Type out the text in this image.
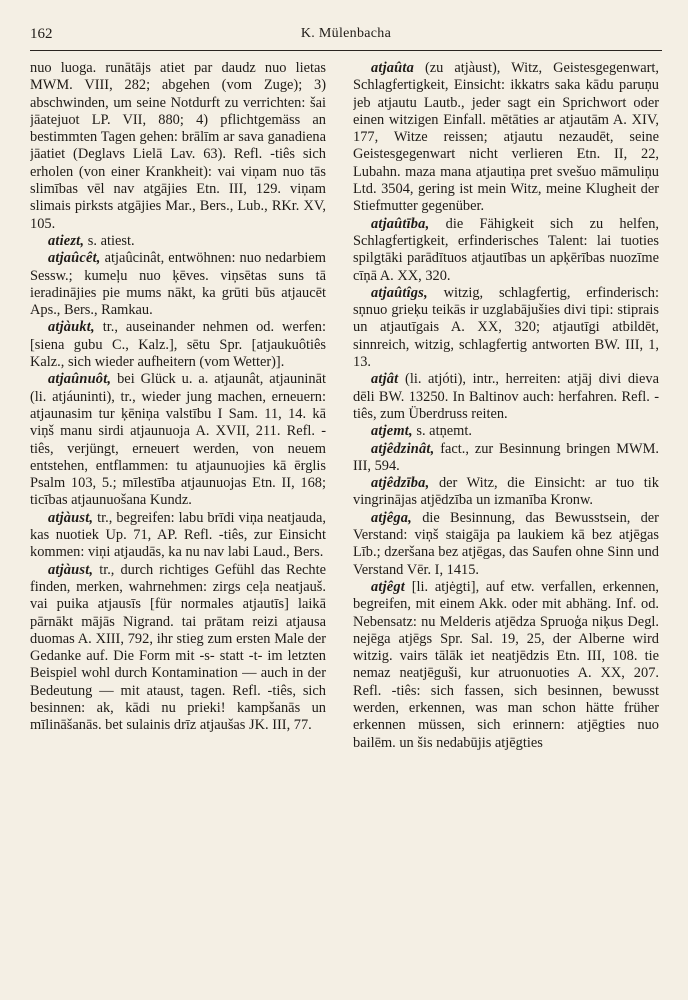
162	K. Mülenbacha

nuo luoga. runātājs atiet par daudz nuo lietas MWM. VIII, 282; abgehen (vom Zuge); 3) abschwinden, um seine Notdurft zu verrichten: šai jāatejuot LP. VII, 880; 4) pflichtgemäss an bestimmten Tagen gehen: brālīm ar sava ganadiena jāatiet (Deglavs Lielā Lav. 63). Refl. -tiês sich erholen (von einer Krankheit): vai viņam nuo tās slimības vēl nav atgājies Etn. III, 129. viņam slimais pirksts atgājies Mar., Bers., Lub., RKr. XV, 105.

atiezt, s. atiest.

atjaûcêt, atjaûcinât, entwöhnen: nuo nedarbiem Sessw.; kumeļu nuo ķēves. viņsētas suns tā ieradinājies pie mums nākt, ka grūti būs atjaucēt Aps., Bers., Ramkau.

atjàukt, tr., auseinander nehmen od. werfen: [siena gubu C., Kalz.], sētu Spr. [atjaukuôtiês Kalz., sich wieder aufheitern (vom Wetter)].

atjaûnuôt, bei Glück u. a. atjaunât, atjaunināt (li. atjáuninti), tr., wieder jung machen, erneuern: atjaunasim tur ķēniņa valstību I Sam. 11, 14. kā viņš manu sirdi atjaunuoja A. XVII, 211. Refl. -tiês, verjüngt, erneuert werden, von neuem entstehen, entflammen: tu atjaunuojies kā ērglis Psalm 103, 5.; mīlestība atjaunuojas Etn. II, 168; ticības atjaunuošana Kundz.

atjàust, tr., begreifen: labu brīdi viņa neatjauda, kas nuotiek Up. 71, AP. Refl. -tiês, zur Einsicht kommen: viņi atjaudās, ka nu nav labi Laud., Bers.

atjàust, tr., durch richtiges Gefühl das Rechte finden, merken, wahrnehmen: zirgs ceļa neatjauš. vai puika atjausīs [für normales atjautīs] laikā pārnākt mājās Nigrand. tai prātam reizi atjausa duomas A. XIII, 792, ihr stieg zum ersten Male der Gedanke auf. Die Form mit -s- statt -t- im letzten Beispiel wohl durch Kontamination — auch in der Bedeutung — mit ataust, tagen. Refl. -tiês, sich besinnen: ak, kādi nu prieki! kampšanās un mīlināšanās. bet sulainis drīz atjaušas JK. III, 77.

atjaûta (zu atjàust), Witz, Geistesgegenwart, Schlagfertigkeit, Einsicht: ikkatrs saka kādu paruņu jeb atjautu Lautb., jeder sagt ein Sprichwort oder einen witzigen Einfall. mētāties ar atjautām A. XIV, 177, Witze reissen; atjautu nezaudēt, seine Geistesgegenwart nicht verlieren Etn. II, 22, Lubahn. maza mana atjautiņa pret svešuo māmuliņu Ltd. 3504, gering ist mein Witz, meine Klugheit der Stiefmutter gegenüber.

atjaûtība, die Fähigkeit sich zu helfen, Schlagfertigkeit, erfinderisches Talent: lai tuoties spilgtāki parādītuos atjautības un apķērības nuozīme cīņā A. XX, 320.

atjaûtîgs, witzig, schlagfertig, erfinderisch: sņnuo grieķu teikās ir uzglabājušies divi tipi: stiprais un atjautīgais A. XX, 320; atjautīgi atbildēt, sinnreich, witzig, schlagfertig antworten BW. III, 1, 13.

atjât (li. atjóti), intr., herreiten: atjāj divi dieva dēli BW. 13250. In Baltinov auch: herfahren. Refl. -tiês, zum Überdruss reiten.

atjemt, s. atņemt.

atjêdzinât, fact., zur Besinnung bringen MWM. III, 594.

atjêdzība, der Witz, die Einsicht: ar tuo tik vingrinājas atjēdzība un izmanība Kronw.

atjêga, die Besinnung, das Bewusstsein, der Verstand: viņš staigāja pa laukiem kā bez atjēgas Līb.; dzeršana bez atjēgas, das Saufen ohne Sinn und Verstand Vēr. I, 1415.

atjêgt [li. atjėgti], auf etw. verfallen, erkennen, begreifen, mit einem Akk. oder mit abhäng. Inf. od. Nebensatz: nu Melderis atjēdza Spruoģa niķus Degl. nejēga atjēgs Spr. Sal. 19, 25, der Alberne wird witzig. vairs tālāk iet neatjēdzis Etn. III, 108. tie nemaz neatjēguši, kur atruonuoties A. XX, 207. Refl. -tiês: sich fassen, sich besinnen, bewusst werden, erkennen, was man schon hätte früher erkennen müssen, sich erinnern: atjēgties nuo bailēm. un šis nedabūjis atjēgties
